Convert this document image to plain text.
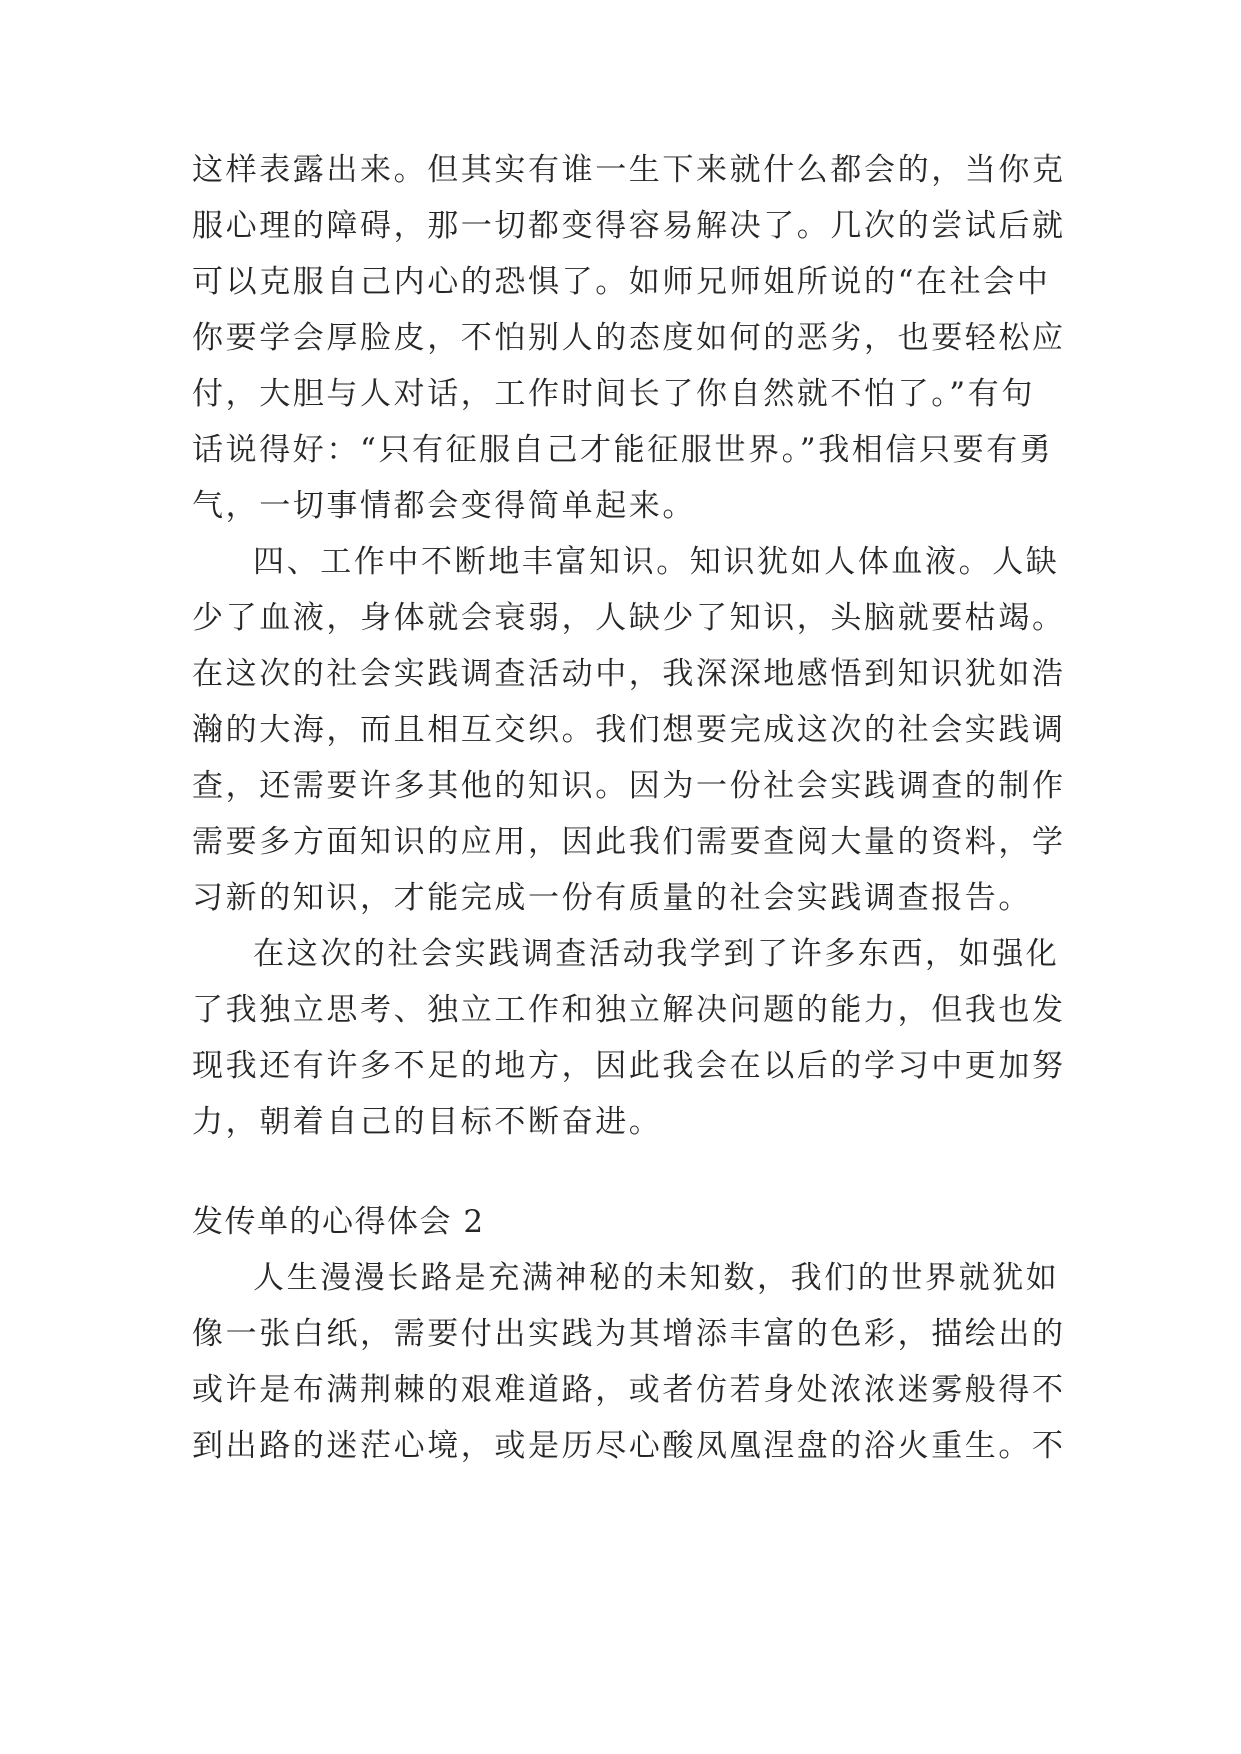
这样表露出来。但其实有谁一生下来就什么都会的，当你克
服心理的障碍，那一切都变得容易解决了。几次的尝试后就
可以克服自己内心的恐惧了。如师兄师姐所说的“在社会中
你要学会厚脸皮，不怕别人的态度如何的恶劣，也要轻松应
付，大胆与人对话，工作时间长了你自然就不怕了。”有句
话说得好：“只有征服自己才能征服世界。”我相信只要有勇
气，一切事情都会变得简单起来。
四、工作中不断地丰富知识。知识犹如人体血液。人缺
少了血液，身体就会衰弱，人缺少了知识，头脑就要枯竭。
在这次的社会实践调查活动中，我深深地感悟到知识犹如浩
瀚的大海，而且相互交织。我们想要完成这次的社会实践调
查，还需要许多其他的知识。因为一份社会实践调查的制作
需要多方面知识的应用，因此我们需要查阅大量的资料，学
习新的知识，才能完成一份有质量的社会实践调查报告。
在这次的社会实践调查活动我学到了许多东西，如强化
了我独立思考、独立工作和独立解决问题的能力，但我也发
现我还有许多不足的地方，因此我会在以后的学习中更加努
力，朝着自己的目标不断奋进。
发传单的心得体会 2
人生漫漫长路是充满神秘的未知数，我们的世界就犹如
像一张白纸，需要付出实践为其增添丰富的色彩，描绘出的
或许是布满荆棘的艰难道路，或者仿若身处浓浓迷雾般得不
到出路的迷茫心境，或是历尽心酸凤凰涅盘的浴火重生。不
